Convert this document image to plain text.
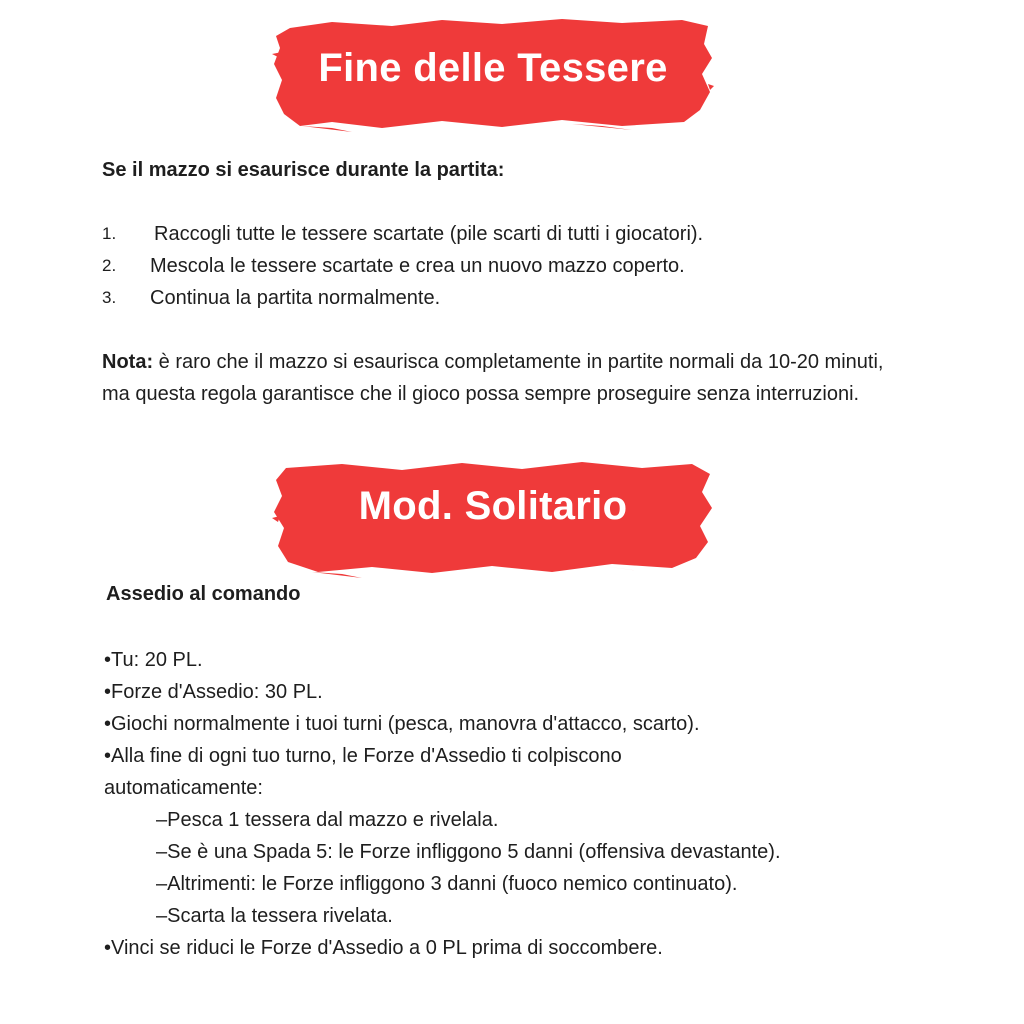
Fine delle Tessere
Se il mazzo si esaurisce durante la partita:
1. Raccogli tutte le tessere scartate (pile scarti di tutti i giocatori).
2. Mescola le tessere scartate e crea un nuovo mazzo coperto.
3. Continua la partita normalmente.
Nota: è raro che il mazzo si esaurisca completamente in partite normali da 10-20 minuti, ma questa regola garantisce che il gioco possa sempre proseguire senza interruzioni.
Mod. Solitario
Assedio al comando
•Tu: 20 PL.
•Forze d'Assedio: 30 PL.
•Giochi normalmente i tuoi turni (pesca, manovra d'attacco, scarto).
•Alla fine di ogni tuo turno, le Forze d'Assedio ti colpiscono
automaticamente:
–Pesca 1 tessera dal mazzo e rivelala.
–Se è una Spada 5: le Forze infliggono 5 danni (offensiva devastante).
–Altrimenti: le Forze infliggono 3 danni (fuoco nemico continuato).
–Scarta la tessera rivelata.
•Vinci se riduci le Forze d'Assedio a 0 PL prima di soccombere.
